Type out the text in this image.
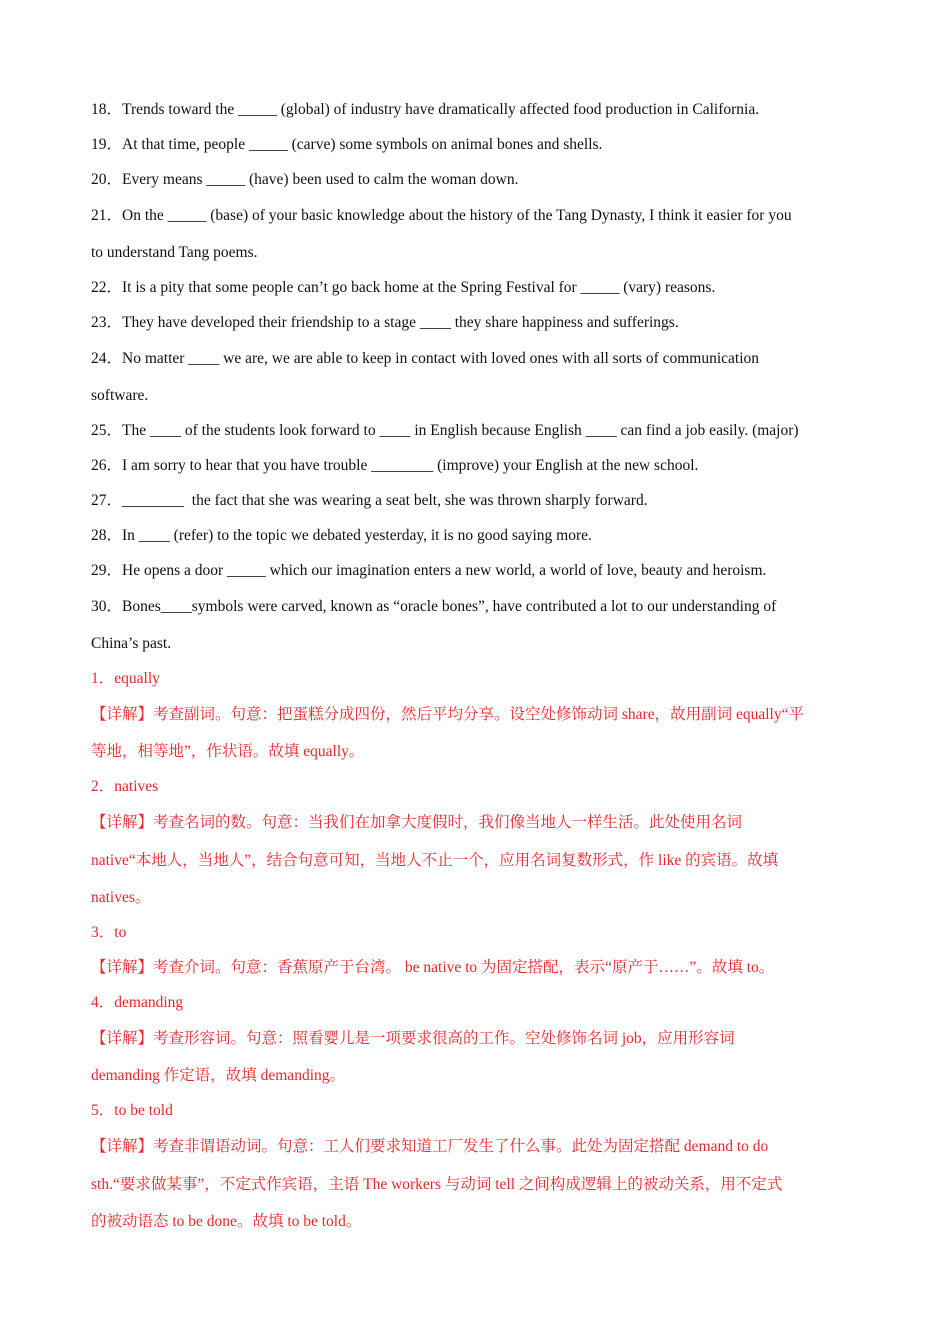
18．Trends toward the _____ (global) of industry have dramatically affected food production in California.
19．At that time, people _____ (carve) some symbols on animal bones and shells.
20．Every means _____ (have) been used to calm the woman down.
21．On the _____ (base) of your basic knowledge about the history of the Tang Dynasty, I think it easier for you
to understand Tang poems.
22．It is a pity that some people can’t go back home at the Spring Festival for _____ (vary) reasons.
23．They have developed their friendship to a stage ____ they share happiness and sufferings.
24．No matter ____ we are, we are able to keep in contact with loved ones with all sorts of communication
software.
25．The ____ of the students look forward to ____ in English because English ____ can find a job easily. (major)
26．I am sorry to hear that you have trouble ________ (improve) your English at the new school.
27．________  the fact that she was wearing a seat belt, she was thrown sharply forward.
28．In ____ (refer) to the topic we debated yesterday, it is no good saying more.
29．He opens a door _____ which our imagination enters a new world, a world of love, beauty and heroism.
30．Bones____symbols were carved, known as “oracle bones”, have contributed a lot to our understanding of
China’s past.
1．equally
【详解】考查副词。句意：把蛋糕分成四份，然后平均分享。设空处修饰动词 share，故用副词 equally“平
等地，相等地”，作状语。故填 equally。
2．natives
【详解】考查名词的数。句意：当我们在加拿大度假时，我们像当地人一样生活。此处使用名词
native“本地人，当地人”，结合句意可知，当地人不止一个，应用名词复数形式，作 like 的宾语。故填
natives。
3．to
【详解】考查介词。句意：香蕉原产于台湾。 be native to 为固定搭配，表示“原产于……”。故填 to。
4．demanding
【详解】考查形容词。句意：照看婴儿是一项要求很高的工作。空处修饰名词 job，应用形容词
demanding 作定语，故填 demanding。
5．to be told
【详解】考查非谓语动词。句意：工人们要求知道工厂发生了什么事。此处为固定搭配 demand to do
sth.“要求做某事”，不定式作宾语，主语 The workers 与动词 tell 之间构成逻辑上的被动关系，用不定式
的被动语态 to be done。故填 to be told。
